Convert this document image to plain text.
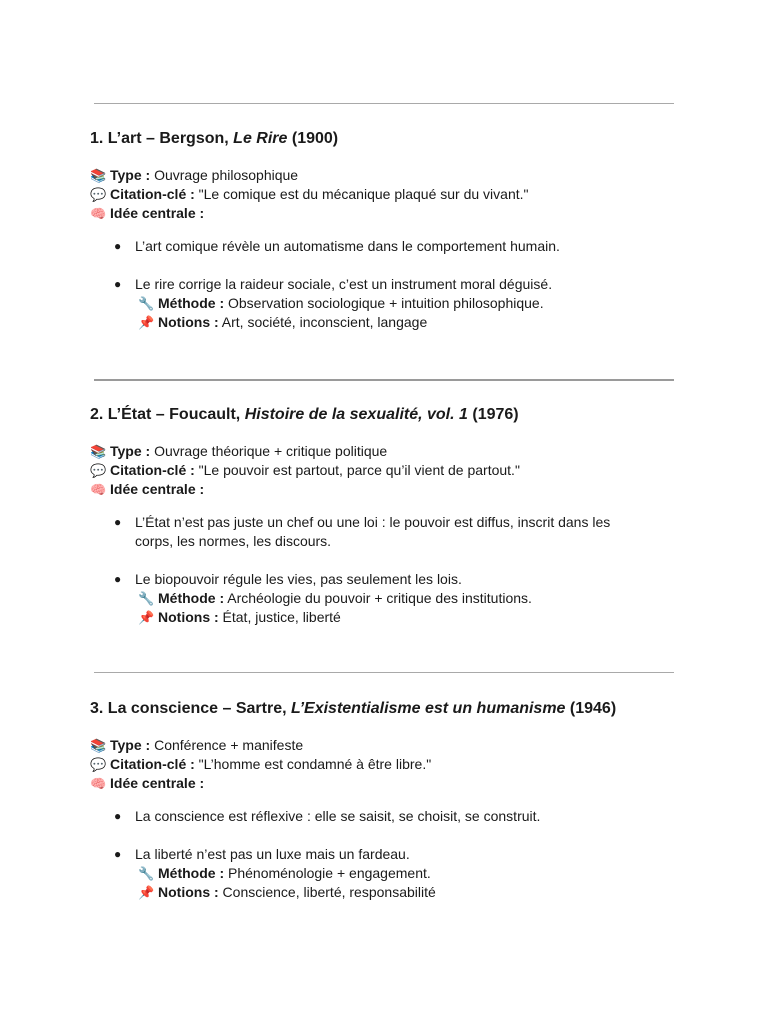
1. L’art – Bergson, Le Rire (1900)
📚 Type : Ouvrage philosophique
💬 Citation-clé : "Le comique est du mécanique plaqué sur du vivant."
🧠 Idée centrale :
● L’art comique révèle un automatisme dans le comportement humain.
● Le rire corrige la raideur sociale, c’est un instrument moral déguisé.
🔧 Méthode : Observation sociologique + intuition philosophique.
📌 Notions : Art, société, inconscient, langage
2. L’État – Foucault, Histoire de la sexualité, vol. 1 (1976)
📚 Type : Ouvrage théorique + critique politique
💬 Citation-clé : "Le pouvoir est partout, parce qu’il vient de partout."
🧠 Idée centrale :
● L’État n’est pas juste un chef ou une loi : le pouvoir est diffus, inscrit dans les corps, les normes, les discours.
● Le biopouvoir régule les vies, pas seulement les lois.
🔧 Méthode : Archéologie du pouvoir + critique des institutions.
📌 Notions : État, justice, liberté
3. La conscience – Sartre, L’Existentialisme est un humanisme (1946)
📚 Type : Conférence + manifeste
💬 Citation-clé : "L’homme est condamné à être libre."
🧠 Idée centrale :
● La conscience est réflexive : elle se saisit, se choisit, se construit.
● La liberté n’est pas un luxe mais un fardeau.
🔧 Méthode : Phénoménologie + engagement.
📌 Notions : Conscience, liberté, responsabilité
